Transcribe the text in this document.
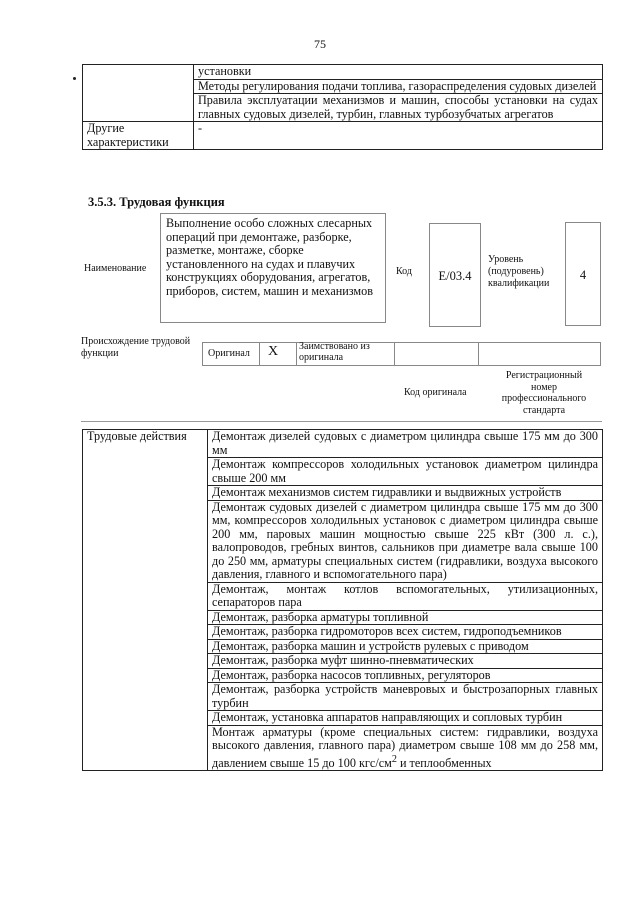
75
	установки
	Методы регулирования подачи топлива, газораспределения судовых дизелей
	Правила эксплуатации механизмов и машин, способы установки на судах главных судовых дизелей, турбин, главных турбозубчатых агрегатов
Другие характеристики	-
3.5.3. Трудовая функция
Наименование
Выполнение особо сложных слесарных операций при демонтаже, разборке, разметке, монтаже, сборке установленного на судах и плавучих конструкциях оборудования, агрегатов, приборов, систем, машин и механизмов
Код	E/03.4
Уровень (подуровень) квалификации
4
Происхождение трудовой функции	Оригинал X Заимствовано из оригинала
Код оригинала
Регистрационный номер профессионального стандарта
Трудовые действия	Демонтаж дизелей судовых с диаметром цилиндра свыше 175 мм до 300 мм
Демонтаж компрессоров холодильных установок диаметром цилиндра свыше 200 мм
Демонтаж механизмов систем гидравлики и выдвижных устройств
Демонтаж судовых дизелей с диаметром цилиндра свыше 175 мм до 300 мм, компрессоров холодильных установок с диаметром цилиндра свыше 200 мм, паровых машин мощностью свыше 225 кВт (300 л. с.), валопроводов, гребных винтов, сальников при диаметре вала свыше 100 до 250 мм, арматуры специальных систем (гидравлики, воздуха высокого давления, главного и вспомогательного пара)
Демонтаж, монтаж котлов вспомогательных, утилизационных, сепараторов пара
Демонтаж, разборка арматуры топливной
Демонтаж, разборка гидромоторов всех систем, гидроподъемников
Демонтаж, разборка машин и устройств рулевых с приводом
Демонтаж, разборка муфт шинно-пневматических
Демонтаж, разборка насосов топливных, регуляторов
Демонтаж, разборка устройств маневровых и быстрозапорных главных турбин
Демонтаж, установка аппаратов направляющих и сопловых турбин
Монтаж арматуры (кроме специальных систем: гидравлики, воздуха высокого давления, главного пара) диаметром свыше 108 мм до 258 мм, давлением свыше 15 до 100 кгс/$см^2$ и теплообменных
